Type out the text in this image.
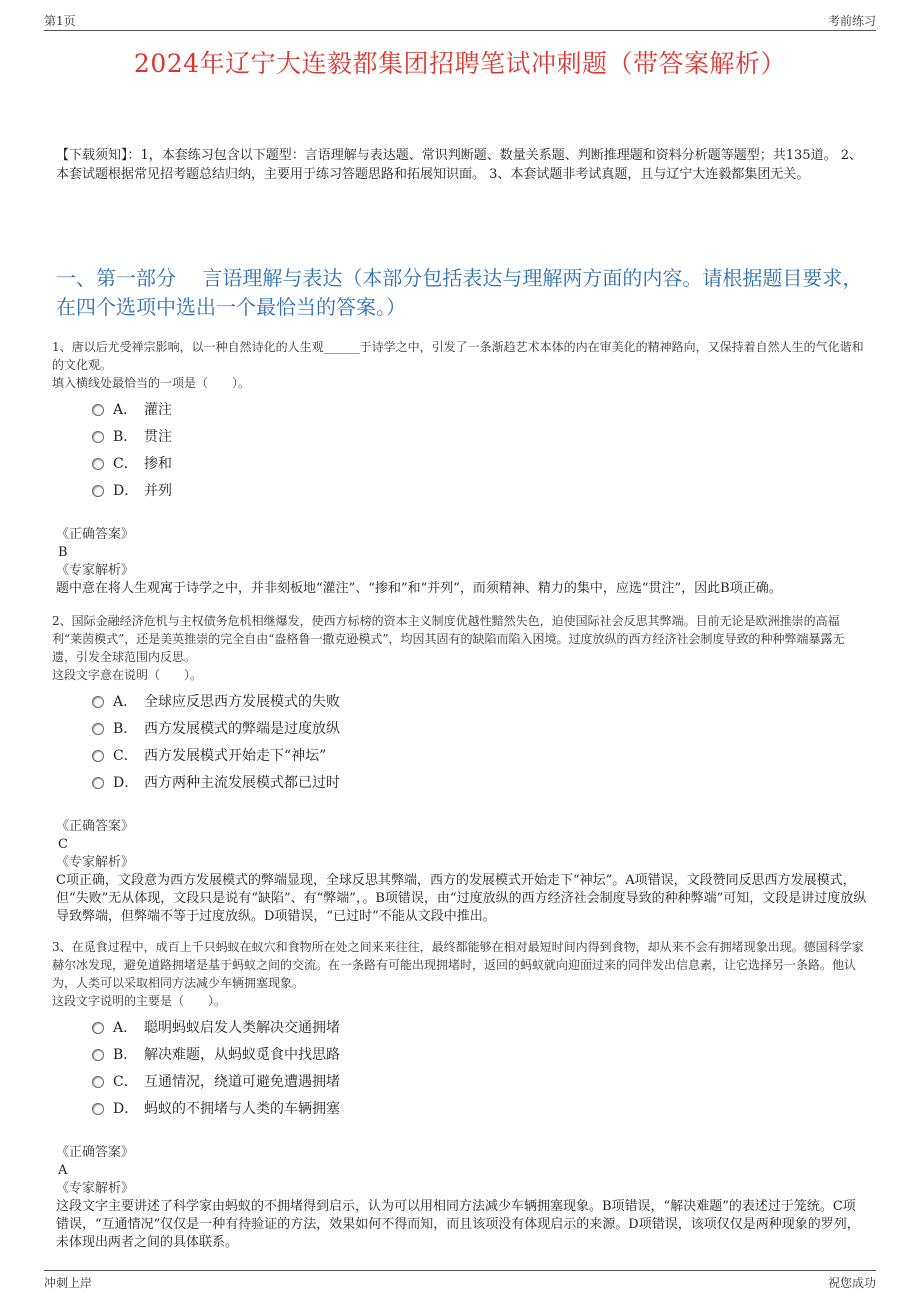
第1页	考前练习
2024年辽宁大连毅都集团招聘笔试冲刺题（带答案解析）
【下载须知】：1，本套练习包含以下题型：言语理解与表达题、常识判断题、数量关系题、判断推理题和资料分析题等题型；共135道。 2、本套试题根据常见招考题总结归纳，主要用于练习答题思路和拓展知识面。 3、本套试题非考试真题，且与辽宁大连毅都集团无关。
一、第一部分　 言语理解与表达（本部分包括表达与理解两方面的内容。请根据题目要求，在四个选项中选出一个最恰当的答案。）
1、唐以后尤受禅宗影响，以一种自然诗化的人生观______于诗学之中，引发了一条渐趋艺术本体的内在审美化的精神路向，又保持着自然人生的气化谐和的文化观。
填入横线处最恰当的一项是（　　）。
A． 灌注
B． 贯注
C． 掺和
D． 并列
《正确答案》
B
《专家解析》
题中意在将人生观寓于诗学之中，并非刻板地“灌注”、“掺和”和“并列”，而须精神、精力的集中，应选“贯注”，因此B项正确。
2、国际金融经济危机与主权债务危机相继爆发，使西方标榜的资本主义制度优越性黯然失色，迫使国际社会反思其弊端。目前无论是欧洲推崇的高福利“莱茵模式”，还是美英推崇的完全自由“盎格鲁一撒克逊模式”，均因其固有的缺陷而陷入困境。过度放纵的西方经济社会制度导致的种种弊端暴露无遗，引发全球范围内反思。
这段文字意在说明（　　）。
A． 全球应反思西方发展模式的失败
B． 西方发展模式的弊端是过度放纵
C． 西方发展模式开始走下“神坛”
D． 西方两种主流发展模式都已过时
《正确答案》
C
《专家解析》
C项正确，文段意为西方发展模式的弊端显现，全球反思其弊端，西方的发展模式开始走下“神坛”。A项错误，文段赞同反思西方发展模式，但“失败”无从体现，文段只是说有“缺陷”、有“弊端”，。B项错误，由“过度放纵的西方经济社会制度导致的种种弊端”可知，文段是讲过度放纵导致弊端，但弊端不等于过度放纵。D项错误，“已过时”不能从文段中推出。
3、在觅食过程中，成百上千只蚂蚁在蚁穴和食物所在处之间来来往往，最终都能够在相对最短时间内得到食物，却从来不会有拥堵现象出现。德国科学家赫尔冰发现，避免道路拥堵是基于蚂蚁之间的交流。在一条路有可能出现拥堵时，返回的蚂蚁就向迎面过来的同伴发出信息素，让它选择另一条路。他认为，人类可以采取相同方法减少车辆拥塞现象。
这段文字说明的主要是（　　）。
A． 聪明蚂蚁启发人类解决交通拥堵
B． 解决难题，从蚂蚁觅食中找思路
C． 互通情况，绕道可避免遭遇拥堵
D． 蚂蚁的不拥堵与人类的车辆拥塞
《正确答案》
A
《专家解析》
这段文字主要讲述了科学家由蚂蚁的不拥堵得到启示，认为可以用相同方法减少车辆拥塞现象。B项错误，“解决难题”的表述过于笼统。C项错误，“互通情况”仅仅是一种有待验证的方法，效果如何不得而知，而且该项没有体现启示的来源。D项错误，该项仅仅是两种现象的罗列，未体现出两者之间的具体联系。
冲刺上岸	祝您成功
